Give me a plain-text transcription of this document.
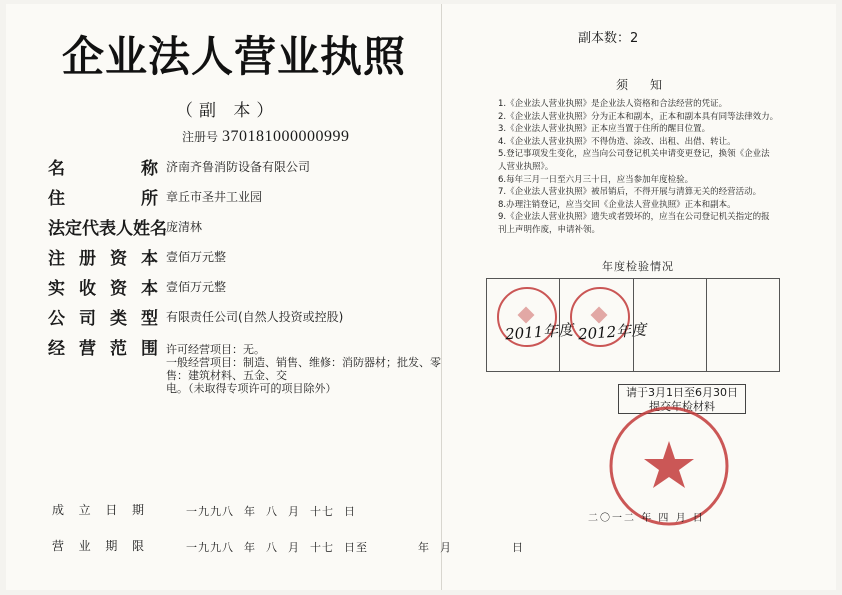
企业法人营业执照
（副 本）
注册号 370181000000999
名	称 济南齐鲁消防设备有限公司
住	所 章丘市圣井工业园
法 定 代 表 人 姓 名 庞清林
注 册 资 本 壹佰万元整
实 收 资 本 壹佰万元整
公 司 类 型 有限责任公司(自然人投资或控股)
经 营 范 围 许可经营项目：无。
一般经营项目：制造、销售、维修：消防器材；批发、零售：建筑材料、五金、交
电。（未取得专项许可的项目除外）
成 立 日 期	一九九八 年 八 月 十七 日
营 业 期 限	一九九八 年 八 月 十七 日至	年 月	日
副本数：2
须知
1.《企业法人营业执照》是企业法人资格和合法经营的凭证。
2.《企业法人营业执照》分为正本和副本，正本和副本具有同等法律效力。
3.《企业法人营业执照》正本应当置于住所的醒目位置。
4.《企业法人营业执照》不得伪造、涂改、出租、出借、转让。
5.登记事项发生变化，应当向公司登记机关申请变更登记，换领《企业法
人营业执照》。
6.每年三月一日至六月三十日，应当参加年度检验。
7.《企业法人营业执照》被吊销后，不得开展与清算无关的经营活动。
8.办理注销登记，应当交回《企业法人营业执照》正本和副本。
9.《企业法人营业执照》遗失或者毁坏的，应当在公司登记机关指定的报
刊上声明作废，申请补领。
年度检验情况
2011年度 2012年度
请于3月1日至6月30日
提交年检材料
二〇一二 年 四 月 日
